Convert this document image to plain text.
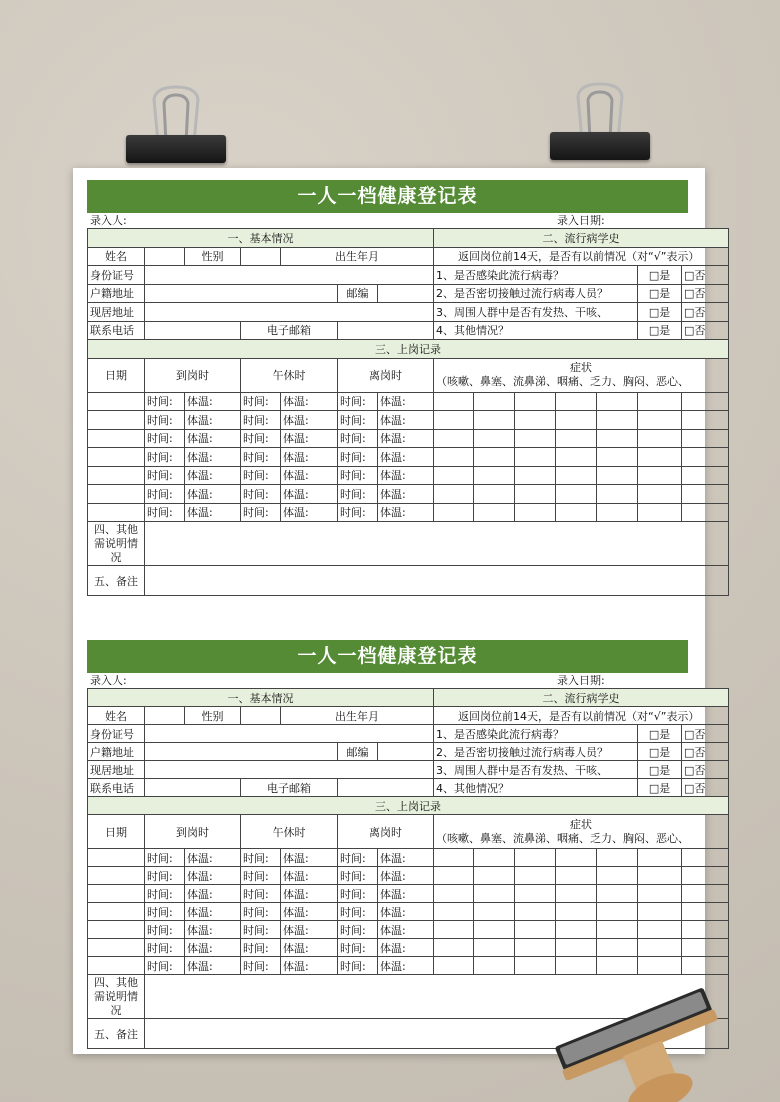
一人一档健康登记表
录入人:	录入日期:
一、基本情况							二、流行病学史						
姓名		性别		出生年月			返回岗位前14天，是否有以前情况（对“√”表示）						
身份证号							1、是否感染此流行病毒？					□是	□否
户籍地址					邮编		2、是否密切接触过流行病毒人员？					□是	□否
现居地址							3、周围人群中是否有发热、干咳、					□是	□否
联系电话			电子邮箱				4、其他情况？					□是	□否
三、上岗记录													
日期	到岗时		午休时		离岗时		症状
（咳嗽、鼻塞、流鼻涕、咽痛、乏力、胸闷、恶心、						

	时间:	体温:	时间:	体温:	时间:	体温:							
	时间:	体温:	时间:	体温:	时间:	体温:							
	时间:	体温:	时间:	体温:	时间:	体温:							
	时间:	体温:	时间:	体温:	时间:	体温:							
	时间:	体温:	时间:	体温:	时间:	体温:							
	时间:	体温:	时间:	体温:	时间:	体温:							
	时间:	体温:	时间:	体温:	时间:	体温:							
四、其他需说明情况													
五、备注													
一人一档健康登记表
录入人:	录入日期:
一、基本情况							二、流行病学史						
姓名		性别		出生年月			返回岗位前14天，是否有以前情况（对“√”表示）						
身份证号							1、是否感染此流行病毒？					□是	□否
户籍地址					邮编		2、是否密切接触过流行病毒人员？					□是	□否
现居地址							3、周围人群中是否有发热、干咳、					□是	□否
联系电话			电子邮箱				4、其他情况？					□是	□否
三、上岗记录													
日期	到岗时		午休时		离岗时		症状
（咳嗽、鼻塞、流鼻涕、咽痛、乏力、胸闷、恶心、						

	时间:	体温:	时间:	体温:	时间:	体温:							
	时间:	体温:	时间:	体温:	时间:	体温:							
	时间:	体温:	时间:	体温:	时间:	体温:							
	时间:	体温:	时间:	体温:	时间:	体温:							
	时间:	体温:	时间:	体温:	时间:	体温:							
	时间:	体温:	时间:	体温:	时间:	体温:							
	时间:	体温:	时间:	体温:	时间:	体温:							
四、其他需说明情况													
五、备注													
